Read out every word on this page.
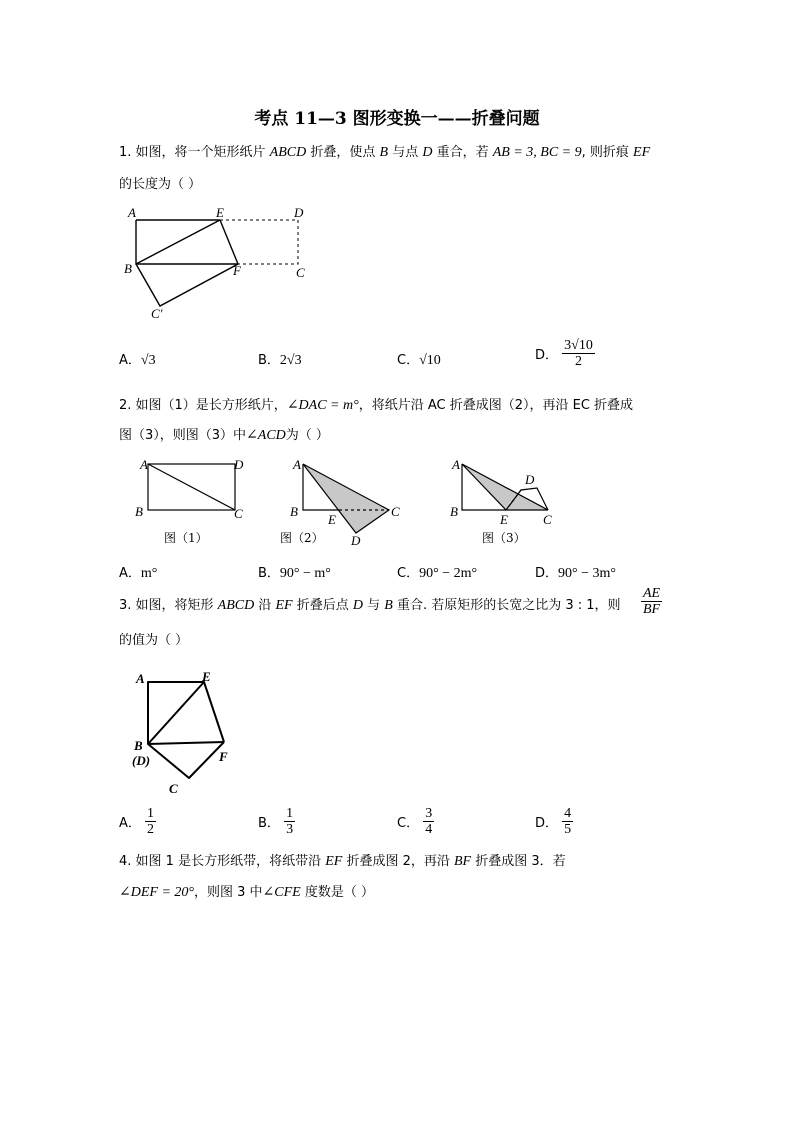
考点 11—3 图形变换一——折叠问题
1. 如图，将一个矩形纸片 ABCD 折叠，使点 B 与点 D 重合，若 AB = 3, BC = 9, 则折痕 EF
的长度为（ ）
A	E	D
B	F	C
C′
A．√3	B．2√3	C．√10	D． $\frac{3√10}{2}$
2. 如图（1）是长方形纸片，∠DAC = m°，将纸片沿 AC 折叠成图（2），再沿 EC 折叠成
图（3），则图（3）中∠ACD为（ ）
A	D
B	C
图（1）
A
B
E
C
D
图（2）
A
B
E	C
D
图（3）
A．m°	B．90° − m°	C．90° − 2m°	D．90° − 3m°
3. 如图，将矩形 ABCD 沿 EF 折叠后点 D 与 B 重合. 若原矩形的长宽之比为 3 : 1，则 $\frac{AE}{BF}$
的值为（ ）
A	E
B
(D)	F
C
A． $\frac{1}{2}$	B． $\frac{1}{3}$	C． $\frac{3}{4}$	D． $\frac{4}{5}$
4. 如图 1 是长方形纸带，将纸带沿 EF 折叠成图 2，再沿 BF 折叠成图 3．若
∠DEF = 20°，则图 3 中∠CFE 度数是（ ）
